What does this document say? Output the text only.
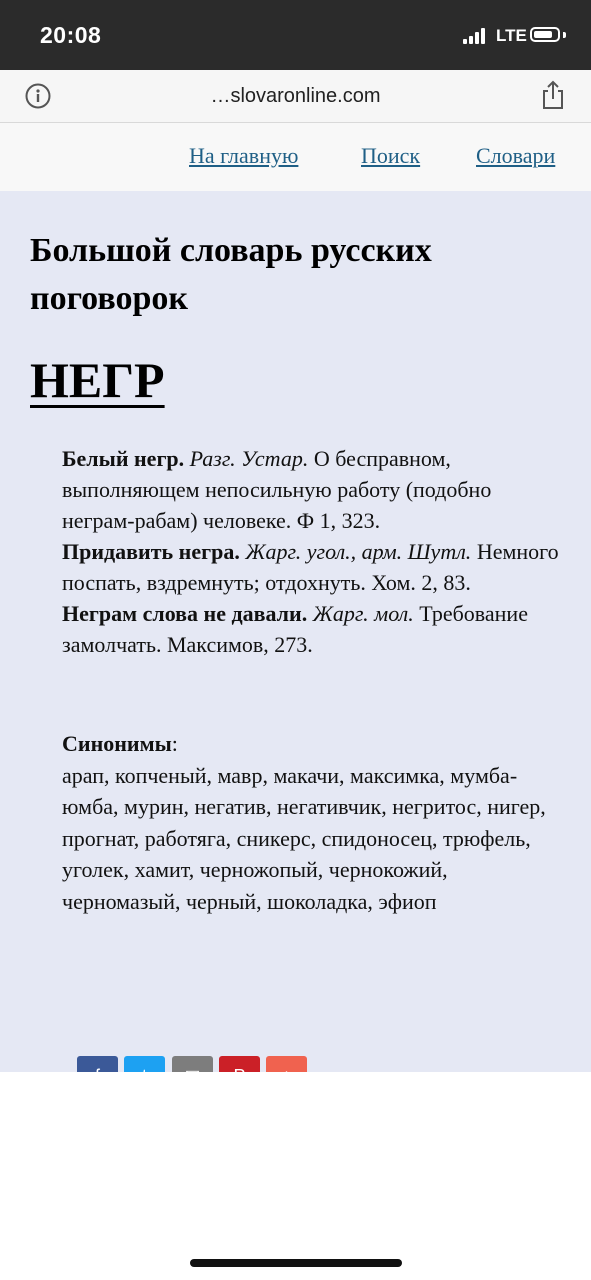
20:08	LTE
…slovaronline.com
На главную	Поиск	Словари
Большой словарь русских поговорок
НЕГР

Белый негр. Разг. Устар. О бесправном, выполняющем непосильную работу (подобно неграм-рабам) человеке. Ф 1, 323.
Придавить негра. Жарг. угол., арм. Шутл. Немного поспать, вздремнуть; отдохнуть. Хом. 2, 83.
Неграм слова не давали. Жарг. мол. Требование замолчать. Максимов, 273.

Синонимы:
арап, копченый, мавр, макачи, максимка, мумба-юмба, мурин, негатив, негативчик, негритос, нигер, прогнат, работяга, сникерс, спидоносец, трюфель, уголек, хамит, черножопый, чернокожий, черномазый, черный, шоколадка, эфиоп
